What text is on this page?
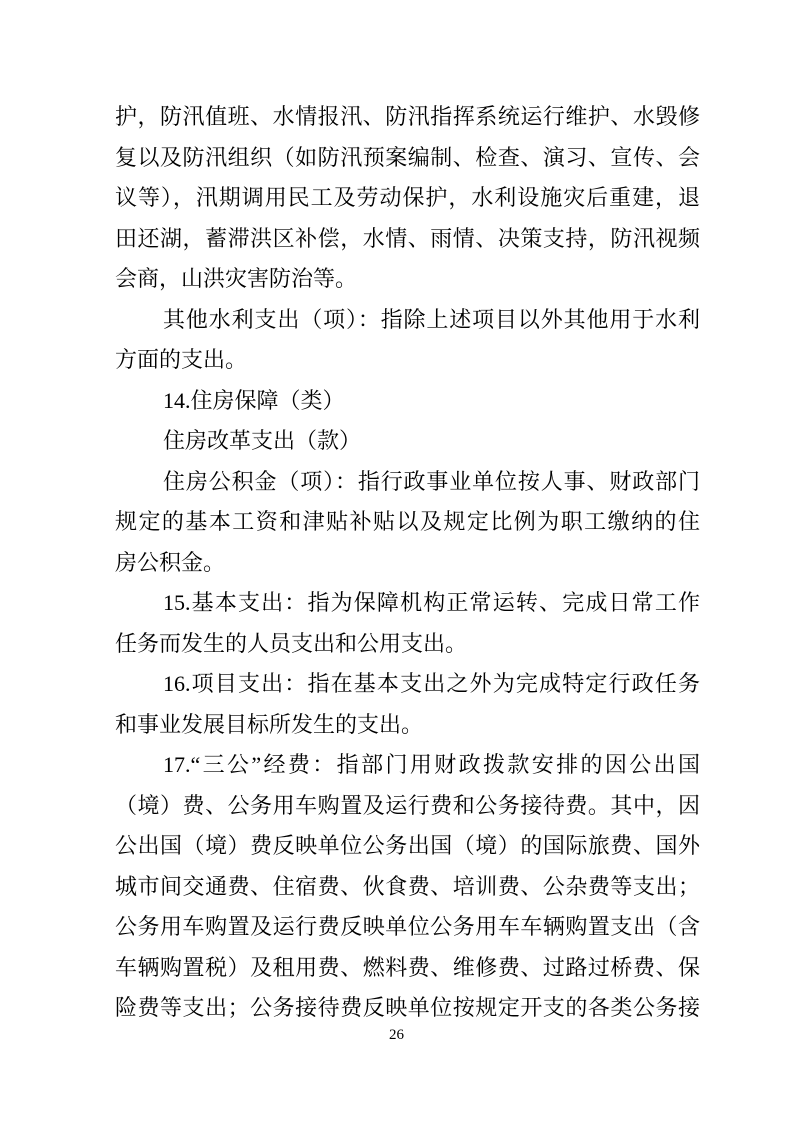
护，防汛值班、水情报汛、防汛指挥系统运行维护、水毁修
复以及防汛组织（如防汛预案编制、检查、演习、宣传、会
议等），汛期调用民工及劳动保护，水利设施灾后重建，退
田还湖，蓄滞洪区补偿，水情、雨情、决策支持，防汛视频
会商，山洪灾害防治等。
其他水利支出（项）：指除上述项目以外其他用于水利
方面的支出。
14.住房保障（类）
住房改革支出（款）
住房公积金（项）：指行政事业单位按人事、财政部门
规定的基本工资和津贴补贴以及规定比例为职工缴纳的住
房公积金。
15.基本支出：指为保障机构正常运转、完成日常工作
任务而发生的人员支出和公用支出。
16.项目支出：指在基本支出之外为完成特定行政任务
和事业发展目标所发生的支出。
17.“三公”经费：指部门用财政拨款安排的因公出国
（境）费、公务用车购置及运行费和公务接待费。其中，因
公出国（境）费反映单位公务出国（境）的国际旅费、国外
城市间交通费、住宿费、伙食费、培训费、公杂费等支出；
公务用车购置及运行费反映单位公务用车车辆购置支出（含
车辆购置税）及租用费、燃料费、维修费、过路过桥费、保
险费等支出；公务接待费反映单位按规定开支的各类公务接
26
